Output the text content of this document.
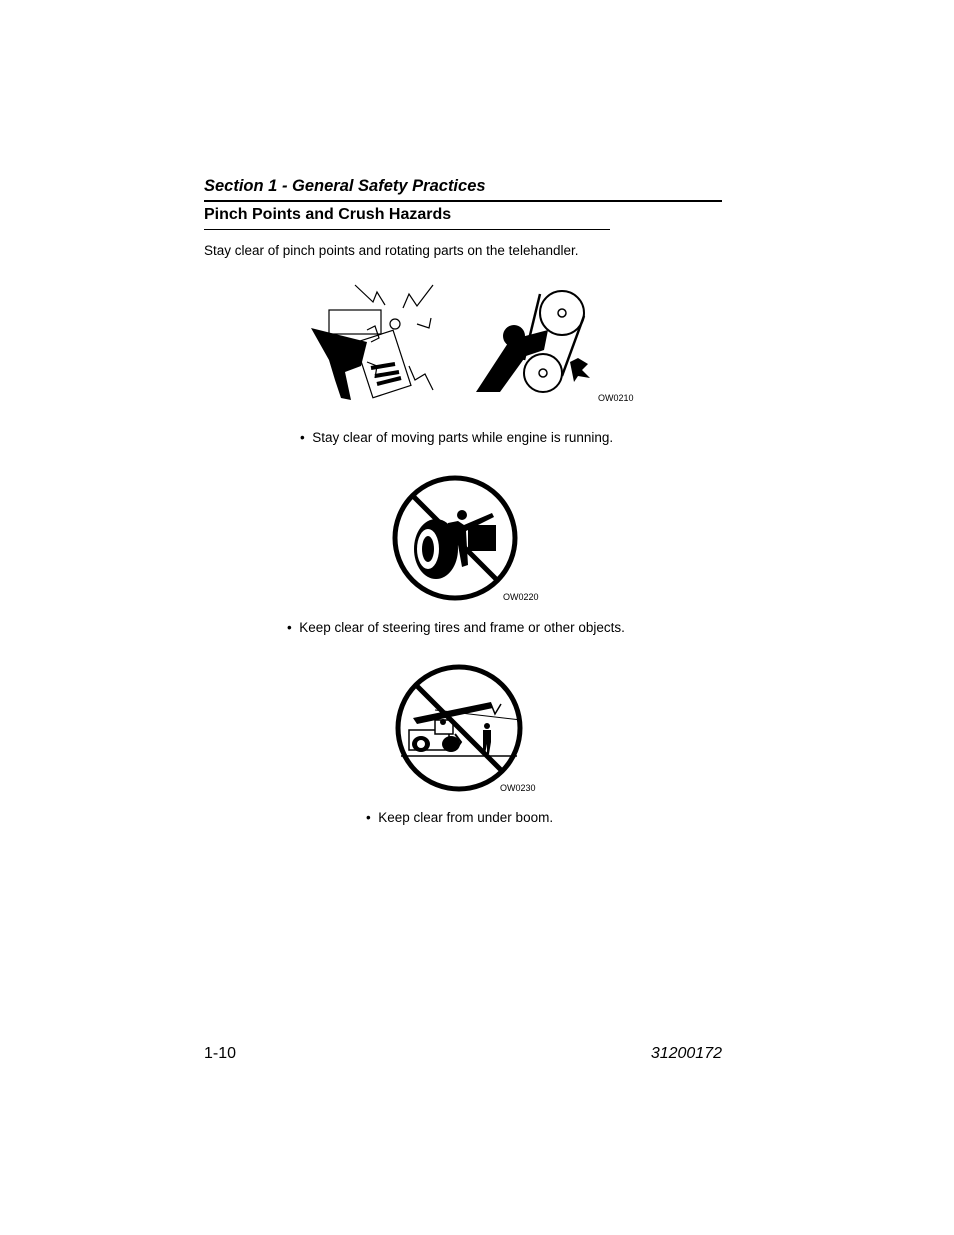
Section 1 - General Safety Practices
Pinch Points and Crush Hazards
Stay clear of pinch points and rotating parts on the telehandler.
OW0210
•  Stay clear of moving parts while engine is running.
OW0220
•  Keep clear of steering tires and frame or other objects.
OW0230
•  Keep clear from under boom.
1-10	31200172
